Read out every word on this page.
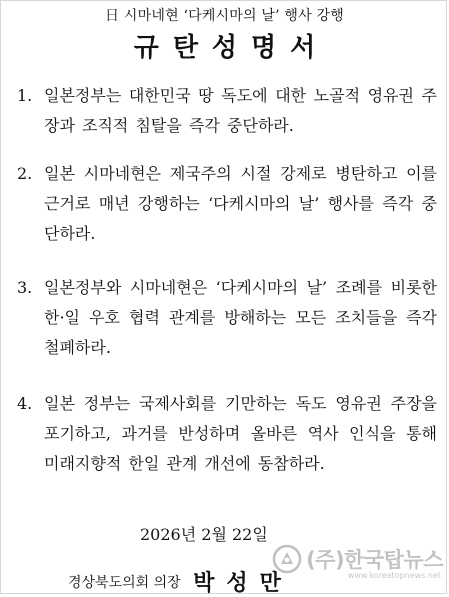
日 시마네현 ‘다케시마의 날’ 행사 강행
규탄성명서
1. 일본정부는 대한민국 땅 독도에 대한 노골적 영유권 주장과 조직적 침탈을 즉각 중단하라.
2. 일본 시마네현은 제국주의 시절 강제로 병탄하고 이를 근거로 매년 강행하는 ‘다케시마의 날’ 행사를 즉각 중단하라.
3. 일본정부와 시마네현은 ‘다케시마의 날’ 조례를 비롯한 한·일 우호 협력 관계를 방해하는 모든 조치들을 즉각 철폐하라.
4. 일본 정부는 국제사회를 기만하는 독도 영유권 주장을 포기하고, 과거를 반성하며 올바른 역사 인식을 통해 미래지향적 한일 관계 개선에 동참하라.
2026년 2월 22일
경상북도의회 의장 박성만
(주)한국탑뉴스
www.koreatopnews.net
